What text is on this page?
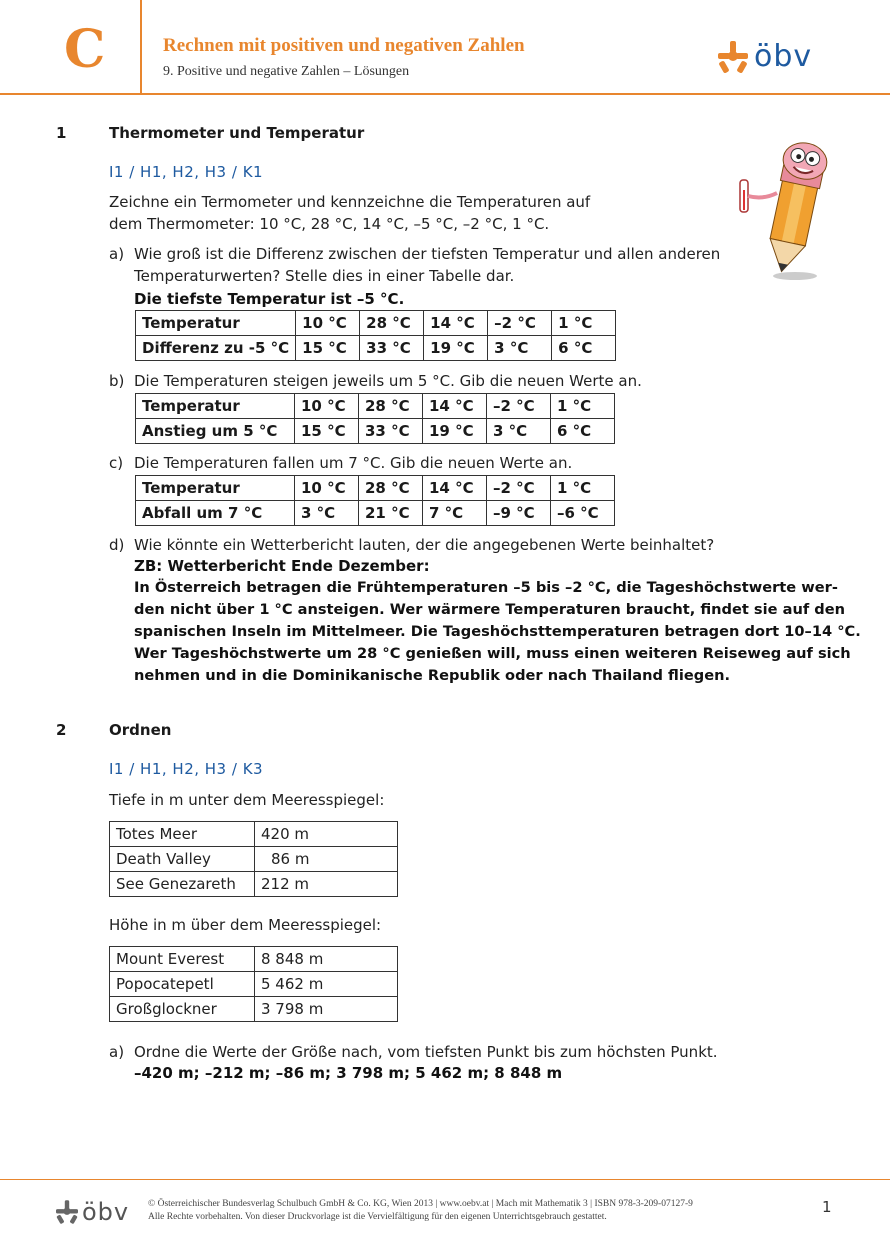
C	Rechnen mit positiven und negativen Zahlen
9. Positive und negative Zahlen – Lösungen	öbv
1	Thermometer und Temperatur
I1 / H1, H2, H3 / K1
Zeichne ein Termometer und kennzeichne die Temperaturen auf
dem Thermometer: 10 °C, 28 °C, 14 °C, –5 °C, –2 °C, 1 °C.
a) Wie groß ist die Differenz zwischen der tiefsten Temperatur und allen anderen
Temperaturwerten? Stelle dies in einer Tabelle dar.
Die tiefste Temperatur ist –5 °C.
Temperatur	10 °C	28 °C	14 °C	–2 °C	1 °C
Differenz zu -5 °C	15 °C	33 °C	19 °C	3 °C	6 °C
b) Die Temperaturen steigen jeweils um 5 °C. Gib die neuen Werte an.
Temperatur	10 °C	28 °C	14 °C	–2 °C	1 °C
Anstieg um 5 °C	15 °C	33 °C	19 °C	3 °C	6 °C
c) Die Temperaturen fallen um 7 °C. Gib die neuen Werte an.
Temperatur	10 °C	28 °C	14 °C	–2 °C	1 °C
Abfall um 7 °C	3 °C	21 °C	7 °C	–9 °C	–6 °C
d) Wie könnte ein Wetterbericht lauten, der die angegebenen Werte beinhaltet?
ZB: Wetterbericht Ende Dezember:
In Österreich betragen die Frühtemperaturen –5 bis –2 °C, die Tageshöchstwerte wer-
den nicht über 1 °C ansteigen. Wer wärmere Temperaturen braucht, findet sie auf den
spanischen Inseln im Mittelmeer. Die Tageshöchsttemperaturen betragen dort 10–14 °C.
Wer Tageshöchstwerte um 28 °C genießen will, muss einen weiteren Reiseweg auf sich
nehmen und in die Dominikanische Republik oder nach Thailand fliegen.
2	Ordnen
I1 / H1, H2, H3 / K3
Tiefe in m unter dem Meeresspiegel:
Totes Meer	420 m
Death Valley	86 m
See Genezareth	212 m
Höhe in m über dem Meeresspiegel:
Mount Everest	8 848 m
Popocatepetl	5 462 m
Großglockner	3 798 m
a) Ordne die Werte der Größe nach, vom tiefsten Punkt bis zum höchsten Punkt.
–420 m; –212 m; –86 m; 3 798 m; 5 462 m; 8 848 m
öbv © Österreichischer Bundesverlag Schulbuch GmbH & Co. KG, Wien 2013 | www.oebv.at | Mach mit Mathematik 3 | ISBN 978-3-209-07127-9
Alle Rechte vorbehalten. Von dieser Druckvorlage ist die Vervielfältigung für den eigenen Unterrichtsgebrauch gestattet.
1
